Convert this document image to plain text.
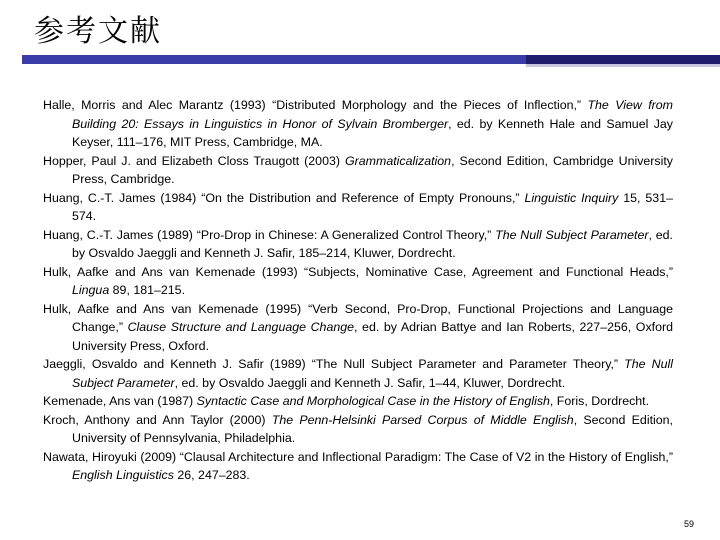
参考文献
Halle, Morris and Alec Marantz (1993) “Distributed Morphology and the Pieces of Inflection,” The View from Building 20: Essays in Linguistics in Honor of Sylvain Bromberger, ed. by Kenneth Hale and Samuel Jay Keyser, 111–176, MIT Press, Cambridge, MA.
Hopper, Paul J. and Elizabeth Closs Traugott (2003) Grammaticalization, Second Edition, Cambridge University Press, Cambridge.
Huang, C.-T. James (1984) “On the Distribution and Reference of Empty Pronouns,” Linguistic Inquiry 15, 531–574.
Huang, C.-T. James (1989) “Pro-Drop in Chinese: A Generalized Control Theory,” The Null Subject Parameter, ed. by Osvaldo Jaeggli and Kenneth J. Safir, 185–214, Kluwer, Dordrecht.
Hulk, Aafke and Ans van Kemenade (1993) “Subjects, Nominative Case, Agreement and Functional Heads,” Lingua 89, 181–215.
Hulk, Aafke and Ans van Kemenade (1995) “Verb Second, Pro-Drop, Functional Projections and Language Change,” Clause Structure and Language Change, ed. by Adrian Battye and Ian Roberts, 227–256, Oxford University Press, Oxford.
Jaeggli, Osvaldo and Kenneth J. Safir (1989) “The Null Subject Parameter and Parameter Theory,” The Null Subject Parameter, ed. by Osvaldo Jaeggli and Kenneth J. Safir, 1–44, Kluwer, Dordrecht.
Kemenade, Ans van (1987) Syntactic Case and Morphological Case in the History of English, Foris, Dordrecht.
Kroch, Anthony and Ann Taylor (2000) The Penn-Helsinki Parsed Corpus of Middle English, Second Edition, University of Pennsylvania, Philadelphia.
Nawata, Hiroyuki (2009) “Clausal Architecture and Inflectional Paradigm: The Case of V2 in the History of English,” English Linguistics 26, 247–283.
59
